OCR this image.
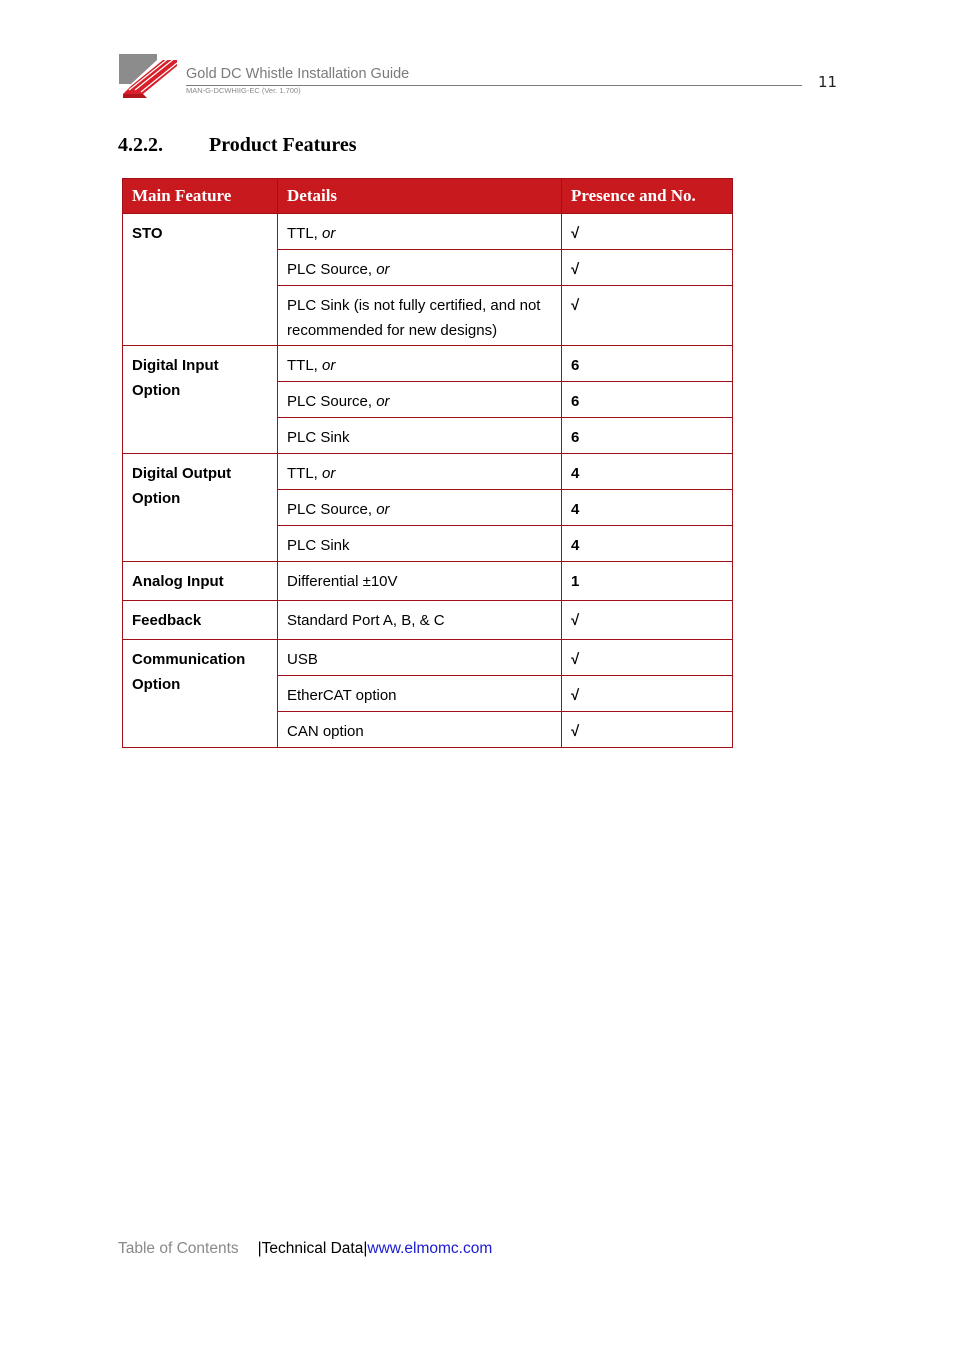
Gold DC Whistle Installation Guide
MAN-G-DCWHIIG-EC (Ver. 1.700)	11
4.2.2. Product Features
Main Feature	Details	Presence and No.
STO	TTL, or	√
	PLC Source, or	√
	PLC Sink (is not fully certified, and not recommended for new designs)	√
Digital Input Option	TTL, or	6
	PLC Source, or	6
	PLC Sink	6
Digital Output Option	TTL, or	4
	PLC Source, or	4
	PLC Sink	4
Analog Input	Differential ±10V	1
Feedback	Standard Port A, B, & C	√
Communication Option	USB	√
	EtherCAT option	√
	CAN option	√
Table of Contents |Technical Data|www.elmomc.com
